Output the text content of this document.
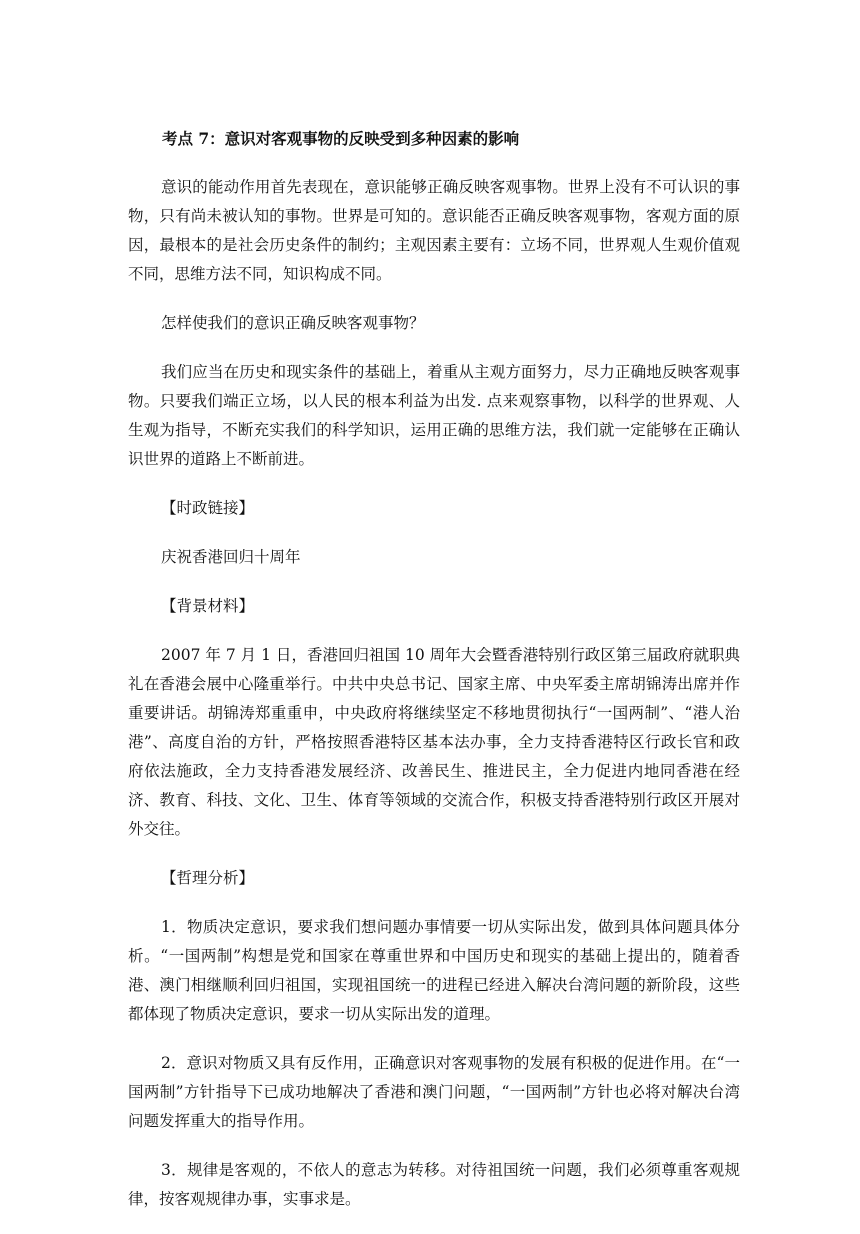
考点 7：意识对客观事物的反映受到多种因素的影响

意识的能动作用首先表现在，意识能够正确反映客观事物。世界上没有不可认识的事物，只有尚未被认知的事物。世界是可知的。意识能否正确反映客观事物，客观方面的原因，最根本的是社会历史条件的制约；主观因素主要有：立场不同，世界观人生观价值观不同，思维方法不同，知识构成不同。

怎样使我们的意识正确反映客观事物？

我们应当在历史和现实条件的基础上，着重从主观方面努力，尽力正确地反映客观事物。只要我们端正立场，以人民的根本利益为出发. 点来观察事物，以科学的世界观、人生观为指导，不断充实我们的科学知识，运用正确的思维方法，我们就一定能够在正确认识世界的道路上不断前进。

【时政链接】

庆祝香港回归十周年

【背景材料】

2007 年 7 月 1 日，香港回归祖国 10 周年大会暨香港特别行政区第三届政府就职典礼在香港会展中心隆重举行。中共中央总书记、国家主席、中央军委主席胡锦涛出席并作重要讲话。胡锦涛郑重重申，中央政府将继续坚定不移地贯彻执行“一国两制”、“港人治港”、高度自治的方针，严格按照香港特区基本法办事，全力支持香港特区行政长官和政府依法施政，全力支持香港发展经济、改善民生、推进民主，全力促进内地同香港在经济、教育、科技、文化、卫生、体育等领域的交流合作，积极支持香港特别行政区开展对外交往。

【哲理分析】

1．物质决定意识，要求我们想问题办事情要一切从实际出发，做到具体问题具体分析。“一国两制”构想是党和国家在尊重世界和中国历史和现实的基础上提出的，随着香港、澳门相继顺利回归祖国，实现祖国统一的进程已经进入解决台湾问题的新阶段，这些都体现了物质决定意识，要求一切从实际出发的道理。

2．意识对物质又具有反作用，正确意识对客观事物的发展有积极的促进作用。在“一国两制”方针指导下已成功地解决了香港和澳门问题，“一国两制”方针也必将对解决台湾问题发挥重大的指导作用。

3．规律是客观的，不依人的意志为转移。对待祖国统一问题，我们必须尊重客观规律，按客观规律办事，实事求是。
